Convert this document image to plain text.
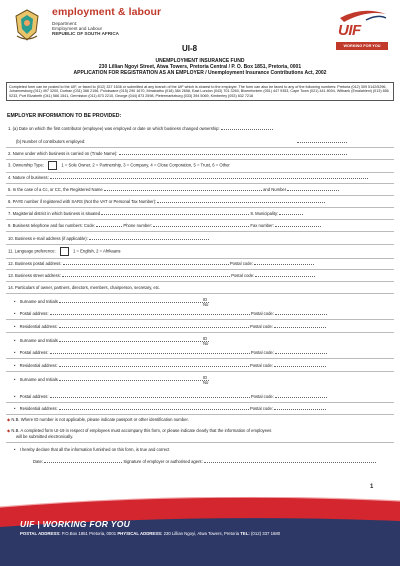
employment & labour
Department:
Employment and Labour
REPUBLIC OF SOUTH AFRICA
UI-8
UIF
WORKING FOR YOU
UNEMPLOYMENT INSURANCE FUND
230 Lillian Ngoyi Street, Atwa Towers, Pretoria Central / P. O. Box 1851, Pretoria, 0001
APPLICATION FOR REGISTRATION AS AN EMPLOYER / Unemployment Insurance Contributions Act, 2002
Completed form can be posted to the UIF, or faxed to (012) 337 1636 or submitted at any branch of the UIF which is closest to the employer. The form can also be faxed to any of the following numbers: Pretoria (012) 309 5142/5296, Johannesburg (011) 497 3200, Durban (031) 366 2156, Polokwane (015) 290 1670, Mmabatho (018) 384 2658, East London (043) 701 3260, Bloemfontein (051) 447 9353, Cape Town (021) 441 8004, Witbank (Emalahleni) (013) 656 0233, Port Elizabeth (041) 586 1541, Germiston (011) 873 2210, George (044) 873 2598, Pietermaritzburg (033) 394 5069, Kimberley (053) 832 7218
EMPLOYER INFORMATION TO BE PROVIDED:
1. (a) Date on which the first contributor (employee) was employed or date on which business changed ownership:
(b) Number of contributors employed:
2. Name under which business is carried on (Trade Name):
3. Ownership Type:	1 = Sole Owner, 2 = Partnership, 3 = Company, 4 = Close Corporation, 5 = Trust, 6 = Other
4. Nature of business:
5. In the case of a Cc, or CC, the Registered Name	and Number
6. PAYE number if registered with SARS (Not the VAT or Personal Tax Number):
7. Magisterial district in which business is situated	8. Municipality:
9. Business telephone and fax numbers: Code:	Phone number:	Fax number:
10. Business e-mail address (if applicable):
11. Language preference:	1 = English, 2 = Afrikaans
12. Business postal address:	Postal code:
13. Business street address:	Postal code:
14. Particulars of owner, partners, directors, members, chairperson, secretary, etc.
• Surname and Initials	ID
No
• Postal address:	Postal code:
• Residential address:	Postal code:
• Surname and Initials	ID
No
• Postal address:	Postal code:
• Residential address:	Postal code:
• Surname and Initials	ID
No
• Postal address:	Postal code:
• Residential address:	Postal code:
◆ N.B. Where ID number is not applicable, please indicate passport or other identification number.
◆ N.B. A completed form UI-19 in respect of employees must accompany this form, or please indicate clearly that the information of employees
will be submitted electronically.
• I hereby declare that all the information furnished on this form, is true and correct
Date:	Signature of employer or authorised agent:
1
UIF | WORKING FOR YOU
POSTAL ADDRESS: P.O.Box 1851 Pretoria, 0001 PHYSICAL ADDRESS: 230 Lillian Ngoyi, Atwa Towers, Pretoria TEL: (012) 337 1680
